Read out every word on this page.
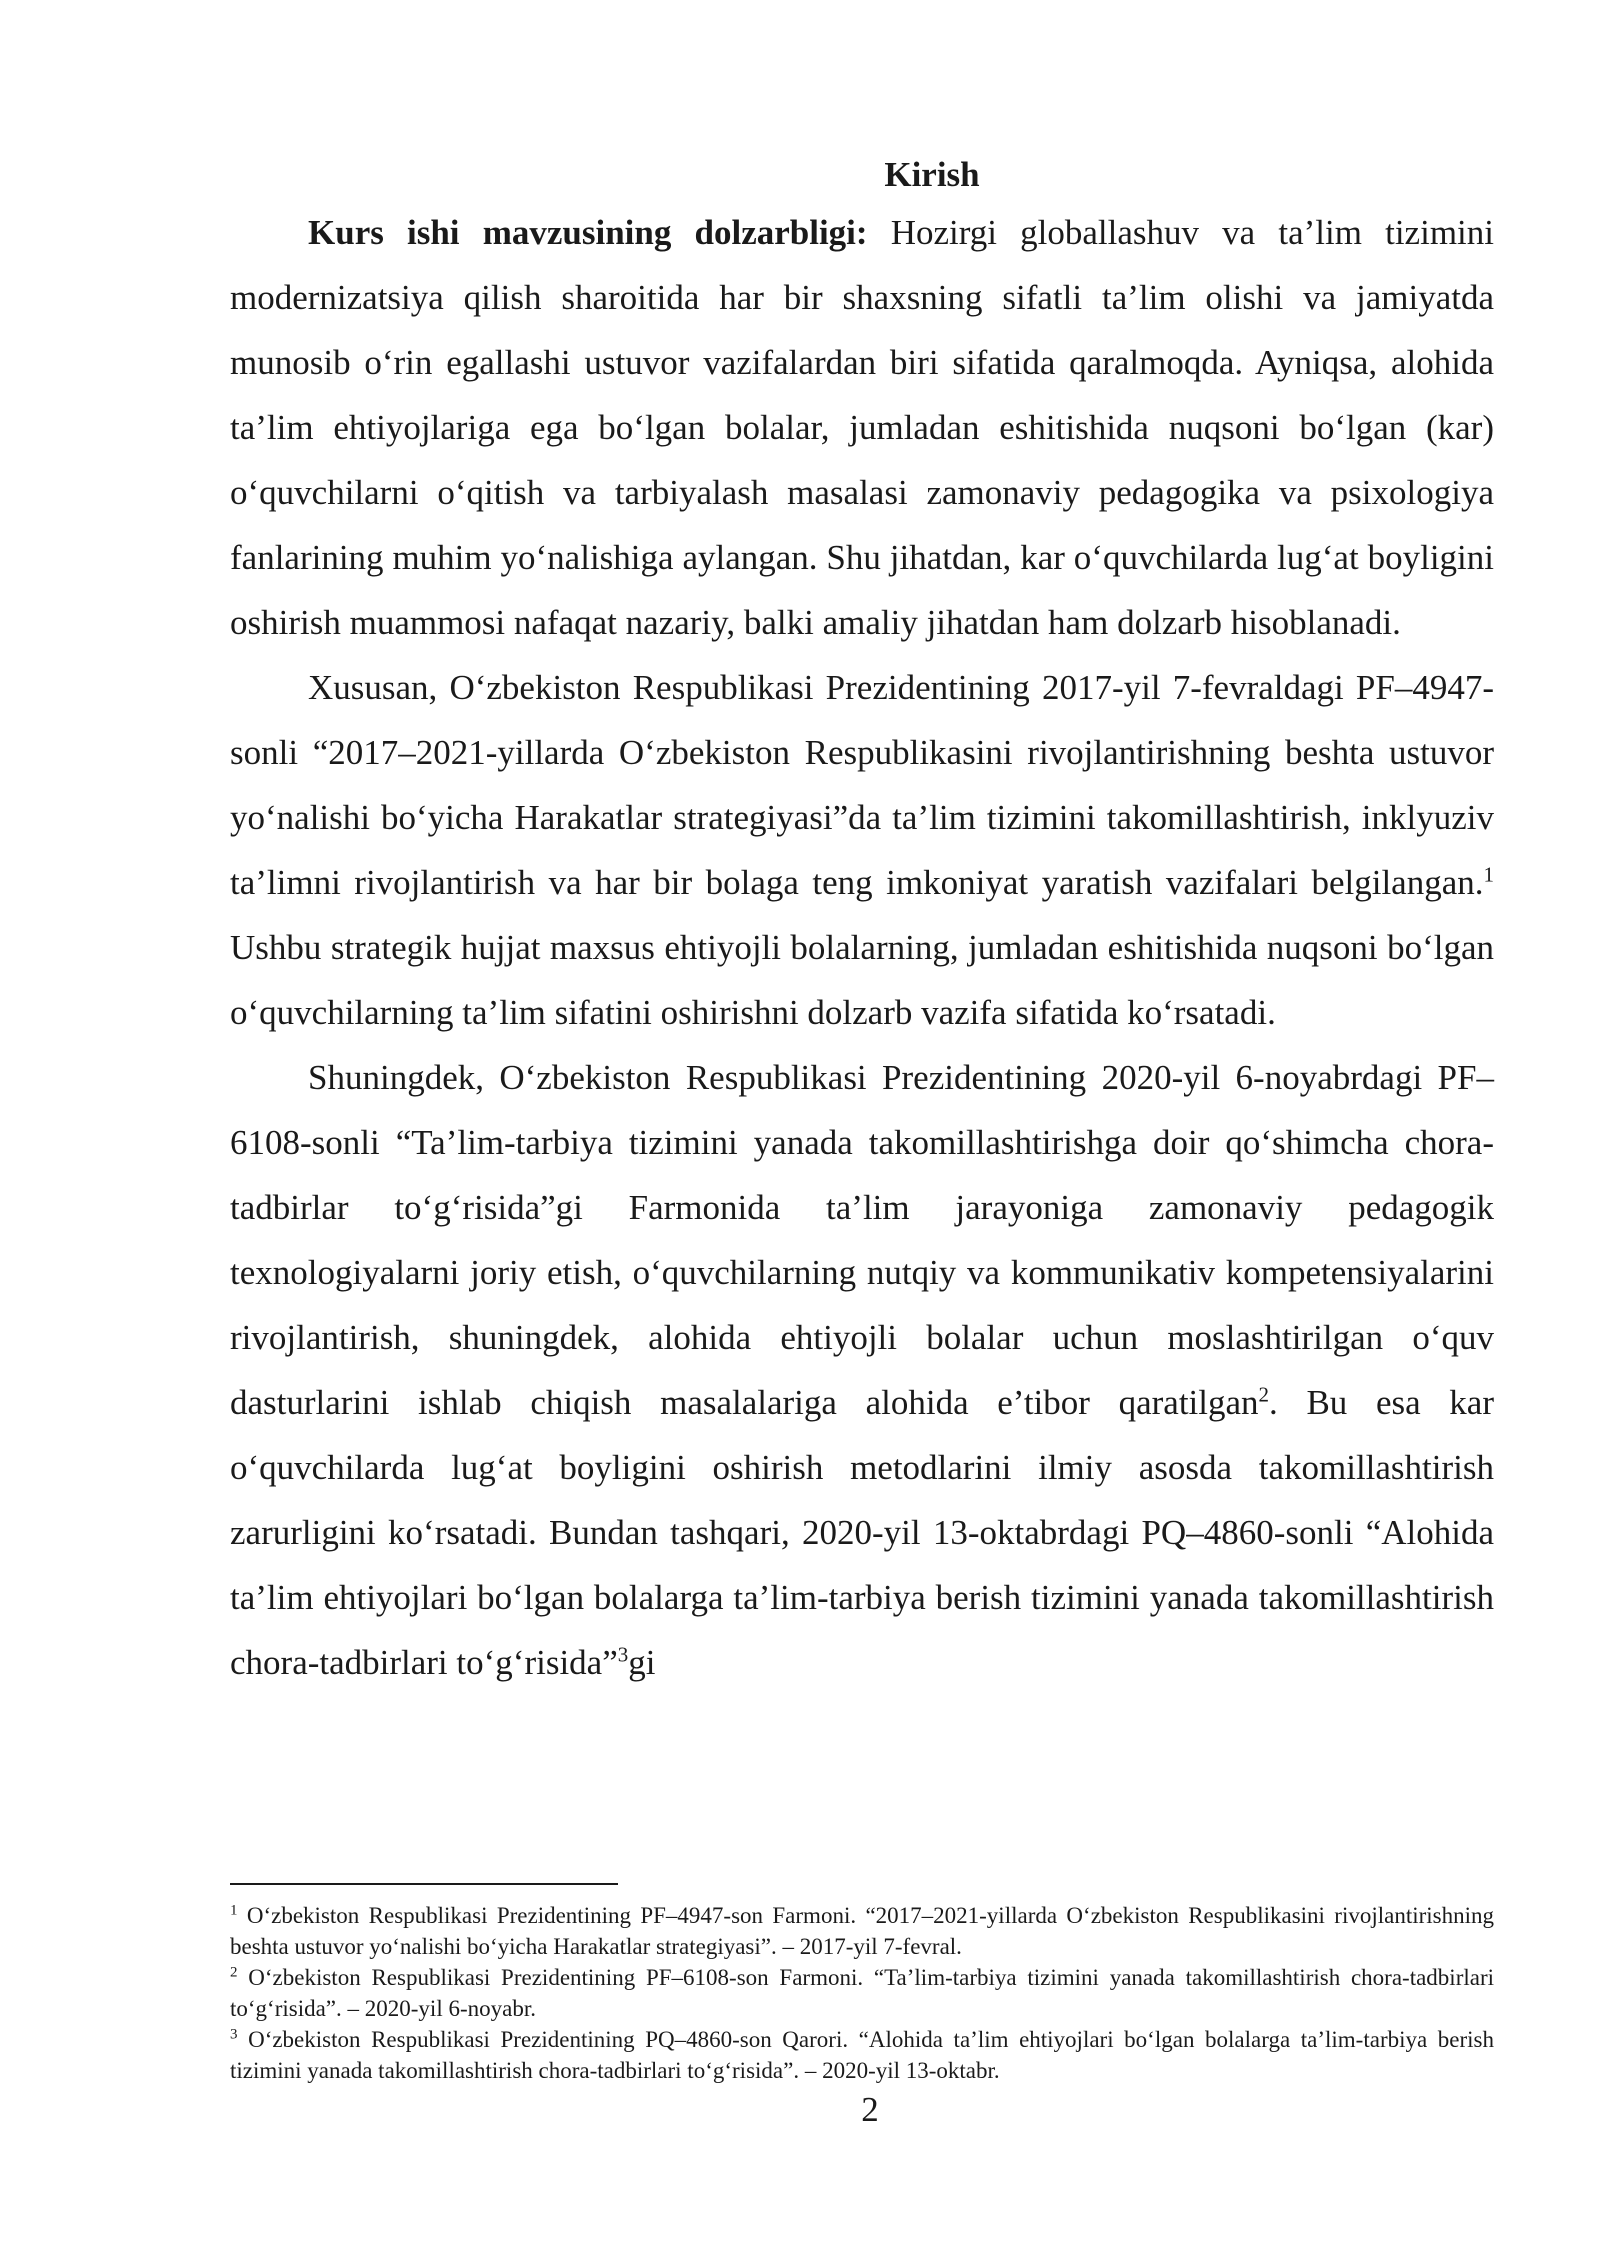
Kirish

Kurs ishi mavzusining dolzarbligi: Hozirgi globallashuv va ta’lim tizimini modernizatsiya qilish sharoitida har bir shaxsning sifatli ta’lim olishi va jamiyatda munosib o‘rin egallashi ustuvor vazifalardan biri sifatida qaralmoqda. Ayniqsa, alohida ta’lim ehtiyojlariga ega bo‘lgan bolalar, jumladan eshitishida nuqsoni bo‘lgan (kar) o‘quvchilarni o‘qitish va tarbiyalash masalasi zamonaviy pedagogika va psixologiya fanlarining muhim yo‘nalishiga aylangan. Shu jihatdan, kar o‘quvchilarda lug‘at boyligini oshirish muammosi nafaqat nazariy, balki amaliy jihatdan ham dolzarb hisoblanadi.

Xususan, O‘zbekiston Respublikasi Prezidentining 2017-yil 7-fevraldagi PF–4947-sonli “2017–2021-yillarda O‘zbekiston Respublikasini rivojlantirishning beshta ustuvor yo‘nalishi bo‘yicha Harakatlar strategiyasi”da ta’lim tizimini takomillashtirish, inklyuziv ta’limni rivojlantirish va har bir bolaga teng imkoniyat yaratish vazifalari belgilangan.$^1$ Ushbu strategik hujjat maxsus ehtiyojli bolalarning, jumladan eshitishida nuqsoni bo‘lgan o‘quvchilarning ta’lim sifatini oshirishni dolzarb vazifa sifatida ko‘rsatadi.

Shuningdek, O‘zbekiston Respublikasi Prezidentining 2020-yil 6-noyabrdagi PF–6108-sonli “Ta’lim-tarbiya tizimini yanada takomillashtirishga doir qo‘shimcha chora-tadbirlar to‘g‘risida”gi Farmonida ta’lim jarayoniga zamonaviy pedagogik texnologiyalarni joriy etish, o‘quvchilarning nutqiy va kommunikativ kompetensiyalarini rivojlantirish, shuningdek, alohida ehtiyojli bolalar uchun moslashtirilgan o‘quv dasturlarini ishlab chiqish masalalariga alohida e’tibor qaratilgan$^2$. Bu esa kar o‘quvchilarda lug‘at boyligini oshirish metodlarini ilmiy asosda takomillashtirish zarurligini ko‘rsatadi. Bundan tashqari, 2020-yil 13-oktabrdagi PQ–4860-sonli “Alohida ta’lim ehtiyojlari bo‘lgan bolalarga ta’lim-tarbiya berish tizimini yanada takomillashtirish chora-tadbirlari to‘g‘risida”$^3$gi

$^1$ O‘zbekiston Respublikasi Prezidentining PF–4947-son Farmoni. “2017–2021-yillarda O‘zbekiston Respublikasini rivojlantirishning beshta ustuvor yo‘nalishi bo‘yicha Harakatlar strategiyasi”. – 2017-yil 7-fevral.

$^2$ O‘zbekiston Respublikasi Prezidentining PF–6108-son Farmoni. “Ta’lim-tarbiya tizimini yanada takomillashtirish chora-tadbirlari to‘g‘risida”. – 2020-yil 6-noyabr.

$^3$ O‘zbekiston Respublikasi Prezidentining PQ–4860-son Qarori. “Alohida ta’lim ehtiyojlari bo‘lgan bolalarga ta’lim-tarbiya berish tizimini yanada takomillashtirish chora-tadbirlari to‘g‘risida”. – 2020-yil 13-oktabr.

2
